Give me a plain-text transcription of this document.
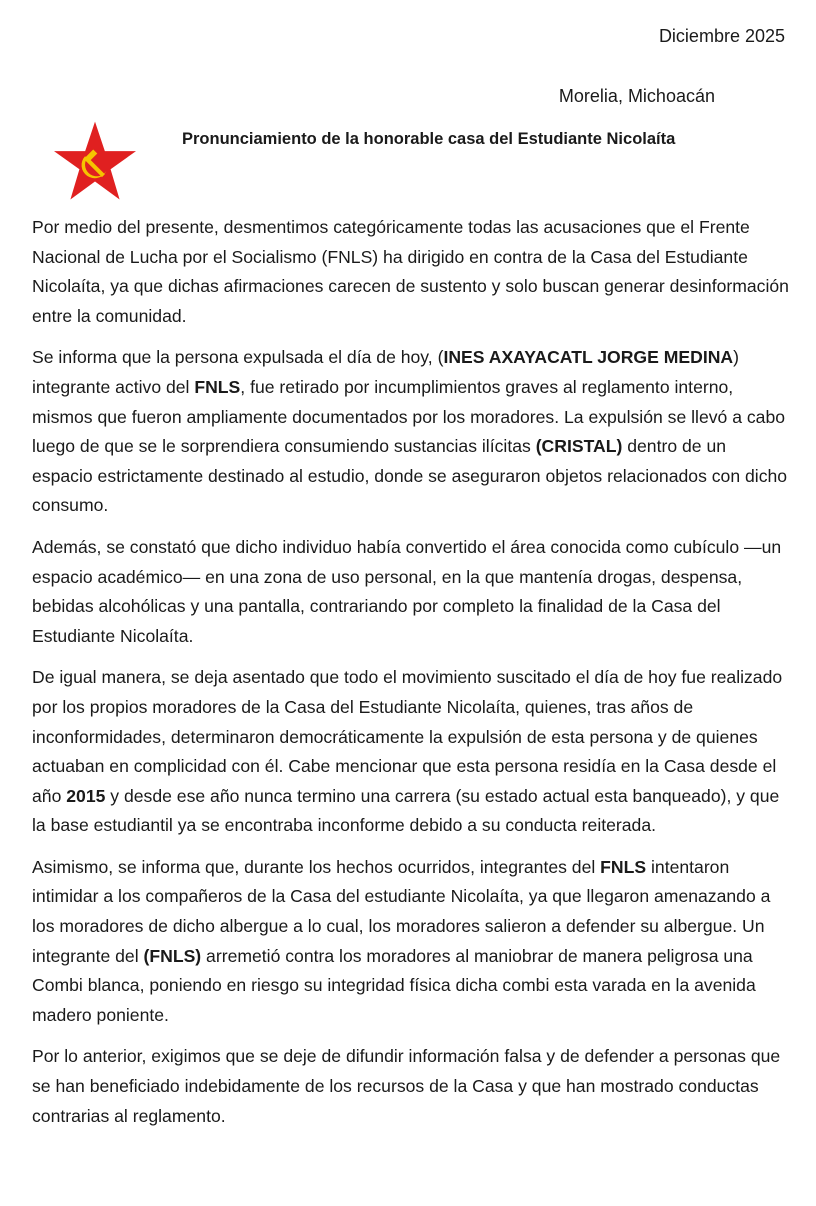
Diciembre 2025
Morelia, Michoacán
Pronunciamiento de la honorable casa del Estudiante Nicolaíta

Por medio del presente, desmentimos categóricamente todas las acusaciones que el Frente Nacional de Lucha por el Socialismo (FNLS) ha dirigido en contra de la Casa del Estudiante Nicolaíta, ya que dichas afirmaciones carecen de sustento y solo buscan generar desinformación entre la comunidad.

Se informa que la persona expulsada el día de hoy, (INES AXAYACATL JORGE MEDINA) integrante activo del FNLS, fue retirado por incumplimientos graves al reglamento interno, mismos que fueron ampliamente documentados por los moradores. La expulsión se llevó a cabo luego de que se le sorprendiera consumiendo sustancias ilícitas (CRISTAL) dentro de un espacio estrictamente destinado al estudio, donde se aseguraron objetos relacionados con dicho consumo.

Además, se constató que dicho individuo había convertido el área conocida como cubículo —un espacio académico— en una zona de uso personal, en la que mantenía drogas, despensa, bebidas alcohólicas y una pantalla, contrariando por completo la finalidad de la Casa del Estudiante Nicolaíta.

De igual manera, se deja asentado que todo el movimiento suscitado el día de hoy fue realizado por los propios moradores de la Casa del Estudiante Nicolaíta, quienes, tras años de inconformidades, determinaron democráticamente la expulsión de esta persona y de quienes actuaban en complicidad con él. Cabe mencionar que esta persona residía en la Casa desde el año 2015 y desde ese año nunca termino una carrera (su estado actual esta banqueado), y que la base estudiantil ya se encontraba inconforme debido a su conducta reiterada.

Asimismo, se informa que, durante los hechos ocurridos, integrantes del FNLS intentaron intimidar a los compañeros de la Casa del estudiante Nicolaíta, ya que llegaron amenazando a los moradores de dicho albergue a lo cual, los moradores salieron a defender su albergue. Un integrante del (FNLS) arremetió contra los moradores al maniobrar de manera peligrosa una Combi blanca, poniendo en riesgo su integridad física dicha combi esta varada en la avenida madero poniente.

Por lo anterior, exigimos que se deje de difundir información falsa y de defender a personas que se han beneficiado indebidamente de los recursos de la Casa y que han mostrado conductas contrarias al reglamento.
